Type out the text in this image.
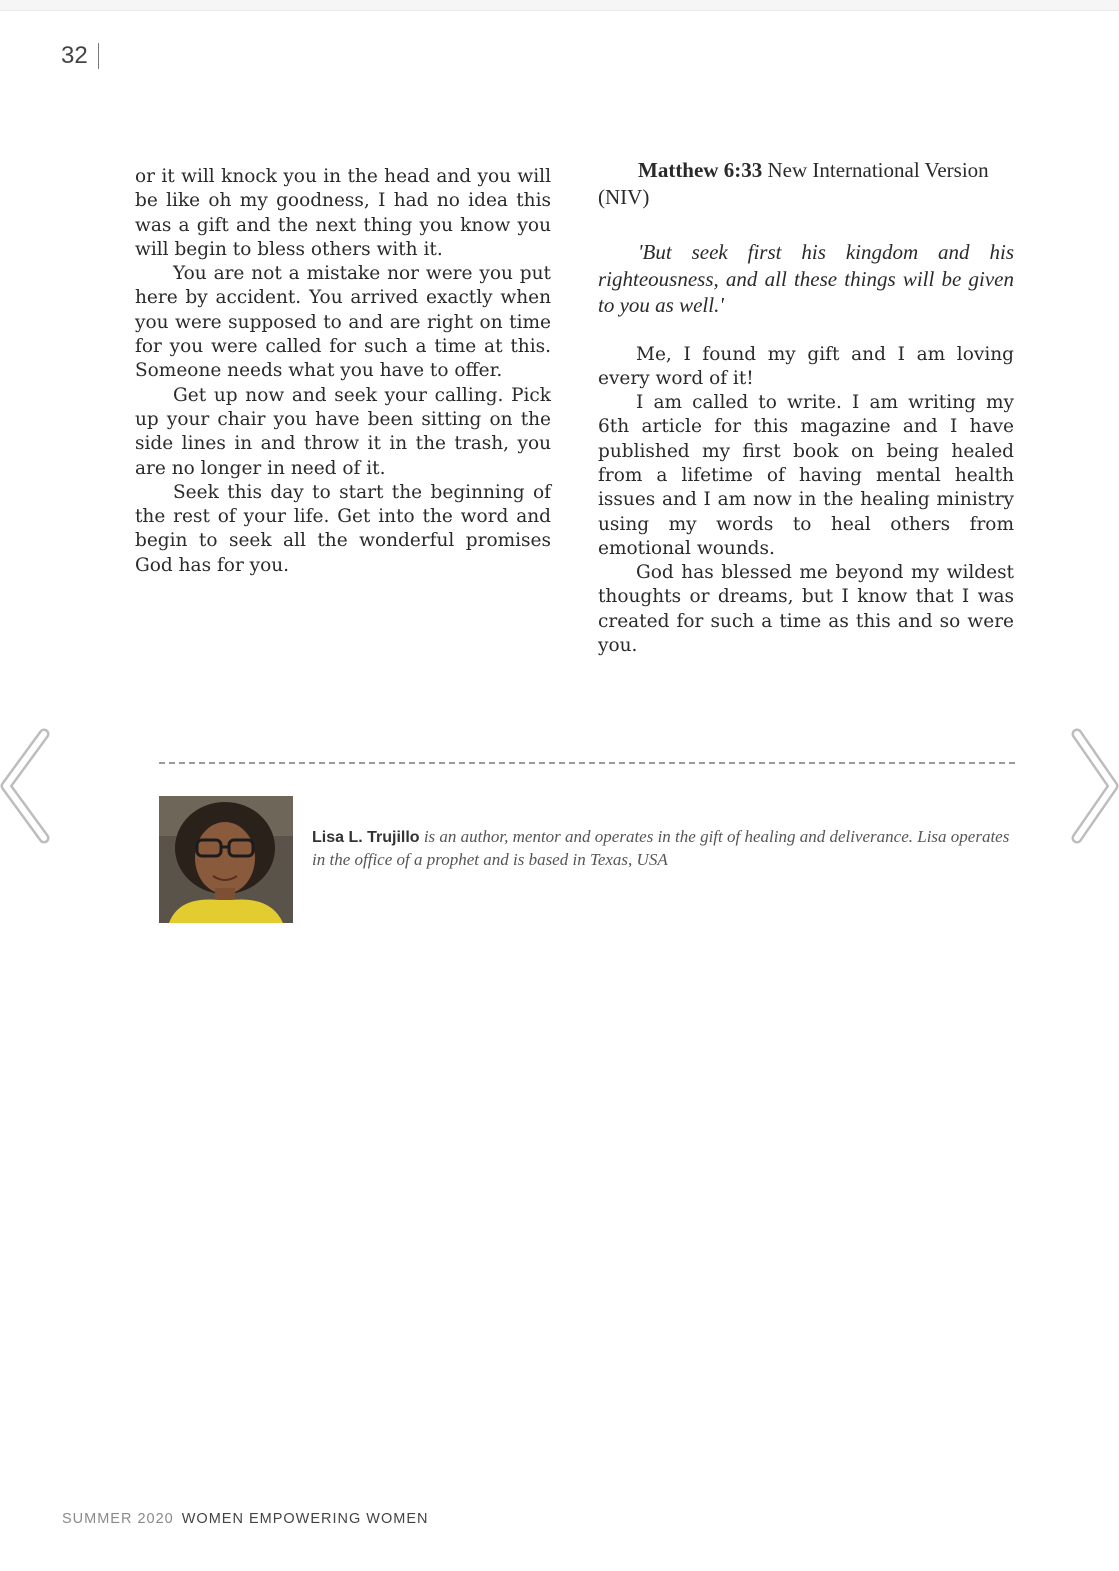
32

or it will knock you in the head and you will be like oh my goodness, I had no idea this was a gift and the next thing you know you will begin to bless others with it.

You are not a mistake nor were you put here by accident. You arrived exactly when you were supposed to and are right on time for you were called for such a time at this. Someone needs what you have to offer.

Get up now and seek your calling. Pick up your chair you have been sitting on the side lines in and throw it in the trash, you are no longer in need of it.

Seek this day to start the beginning of the rest of your life. Get into the word and begin to seek all the wonderful promises God has for you.

Matthew 6:33 New International Version (NIV)

'But seek first his kingdom and his righteousness, and all these things will be given to you as well.'

Me, I found my gift and I am loving every word of it!

I am called to write. I am writing my 6th article for this magazine and I have published my first book on being healed from a lifetime of having mental health issues and I am now in the healing ministry using my words to heal others from emotional wounds.

God has blessed me beyond my wildest thoughts or dreams, but I know that I was created for such a time as this and so were you.

Lisa L. Trujillo is an author, mentor and operates in the gift of healing and deliverance. Lisa operates in the office of a prophet and is based in Texas, USA
SUMMER 2020 WOMEN EMPOWERING WOMEN
